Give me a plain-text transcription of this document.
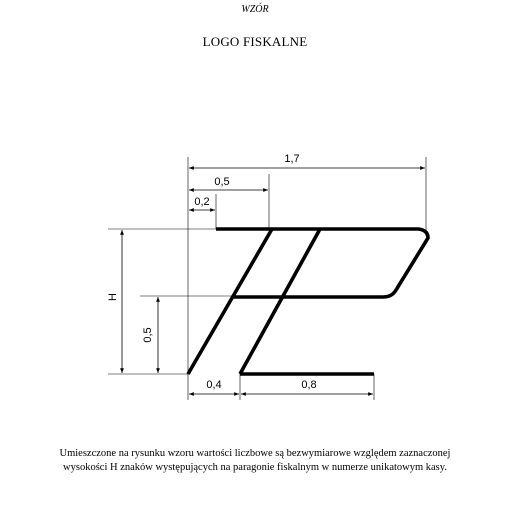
WZÓR
LOGO FISKALNE
1,7
0,5
0,2
H
0,5
0,4	0,8
Umieszczone na rysunku wzoru wartości liczbowe są bezwymiarowe względem zaznaczonej
wysokości H znaków występujących na paragonie fiskalnym w numerze unikatowym kasy.
